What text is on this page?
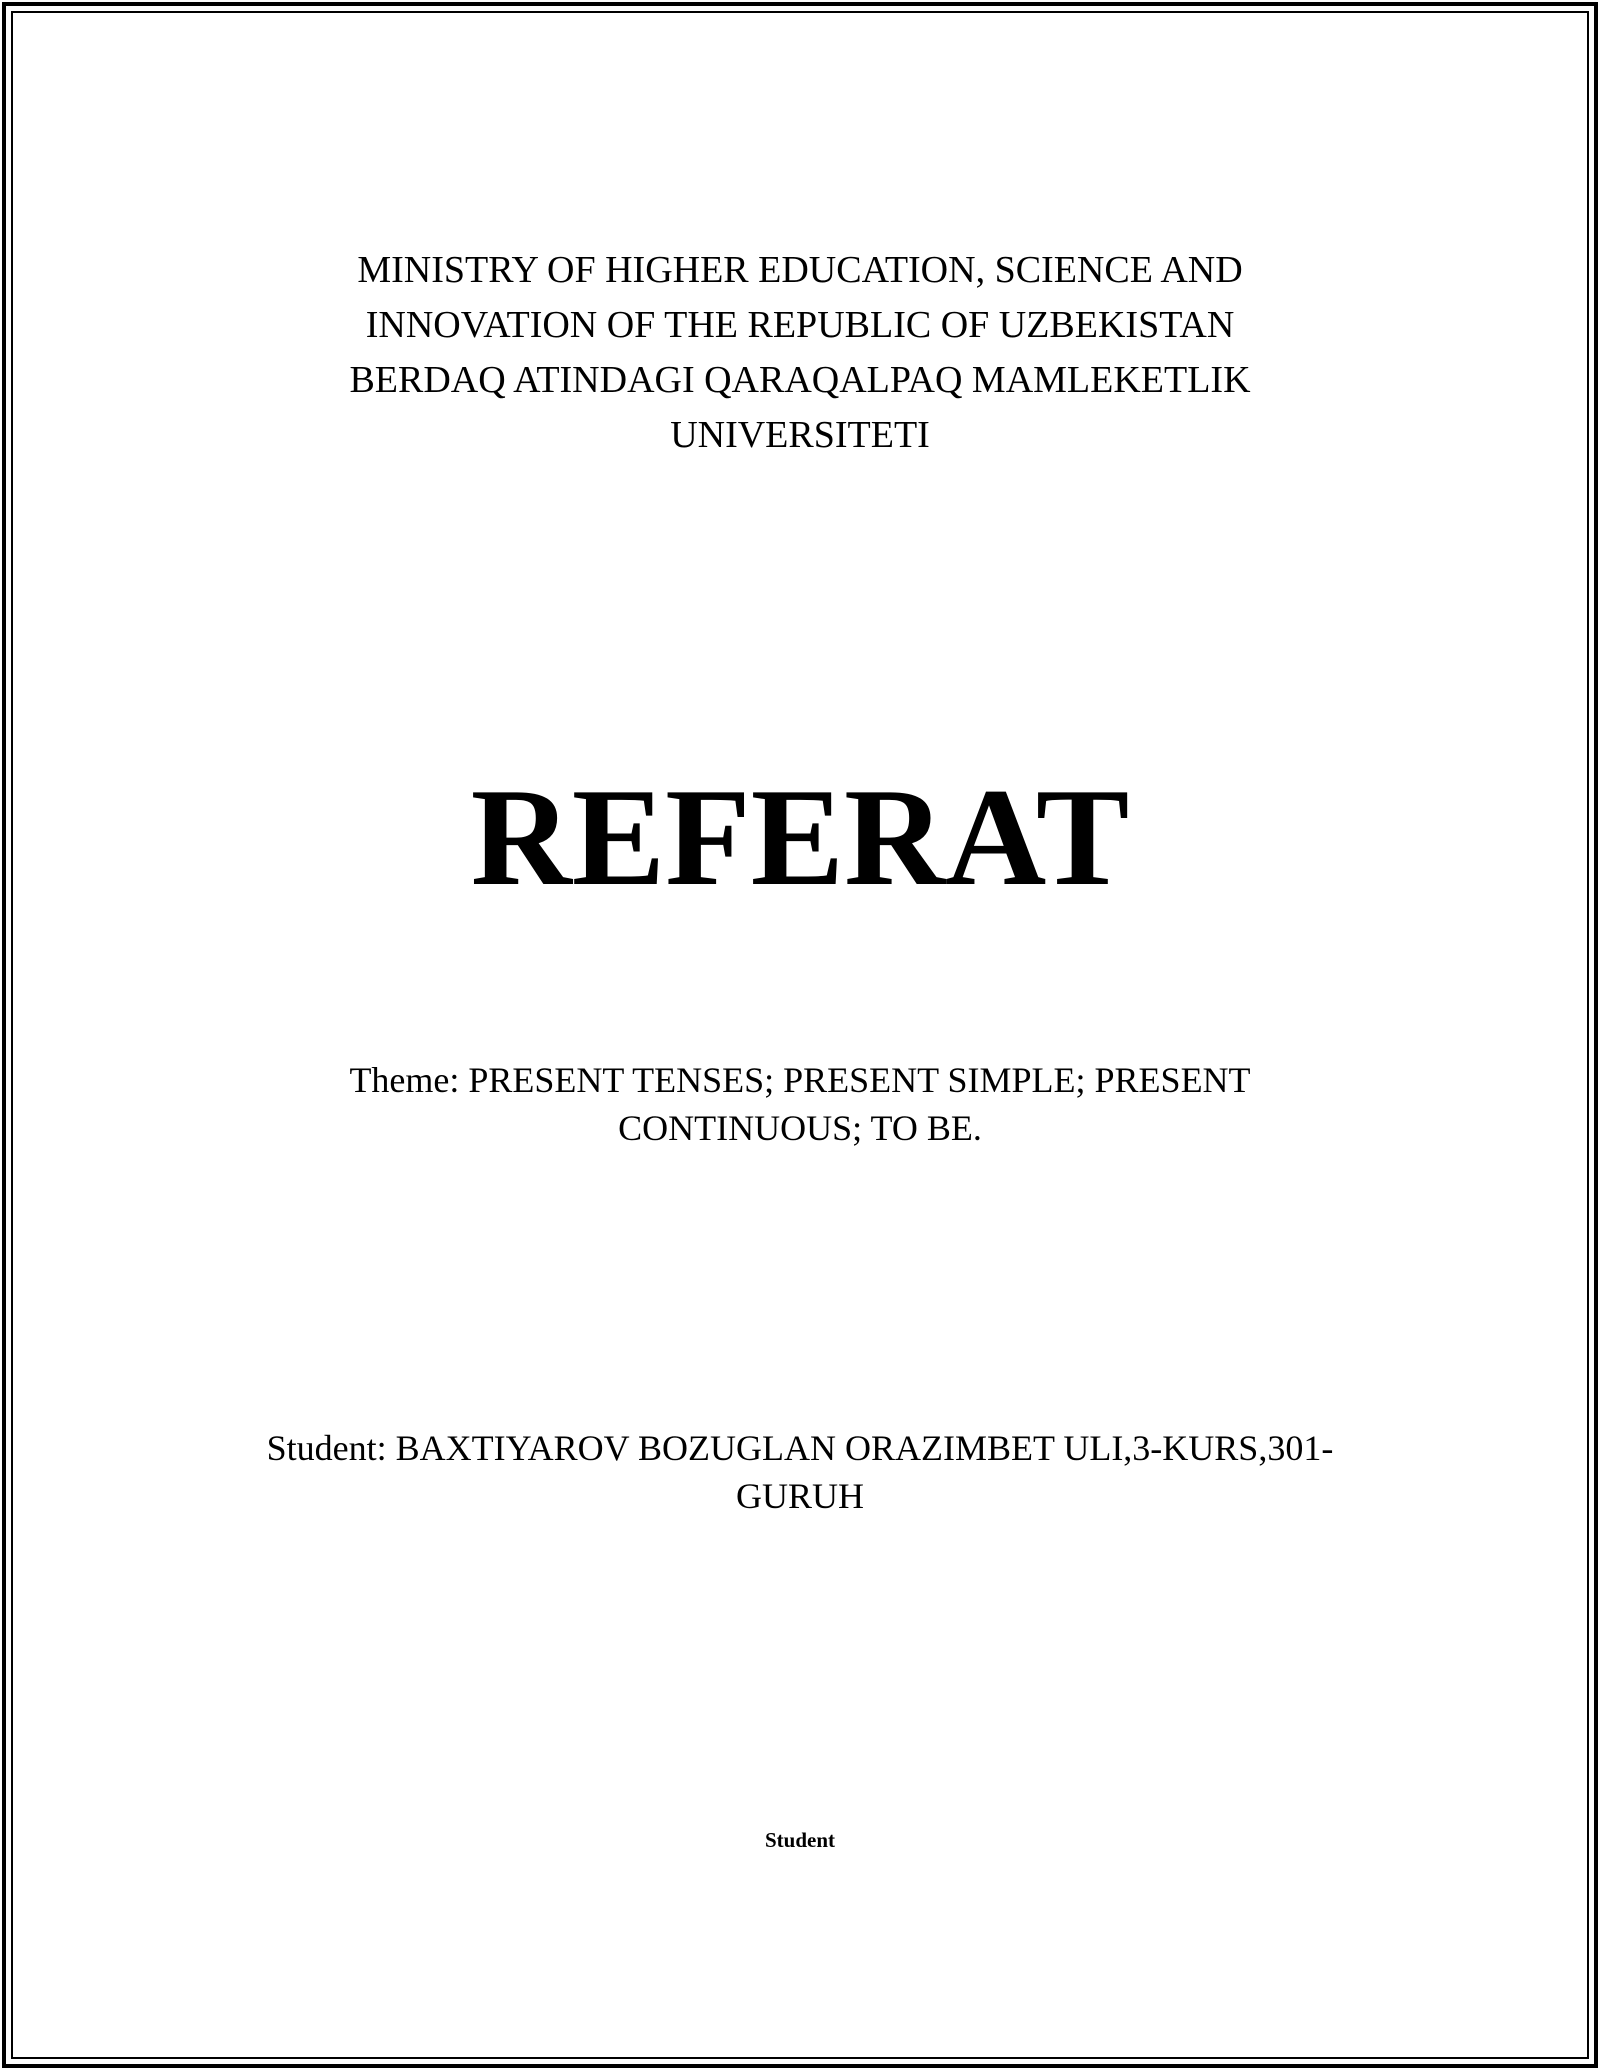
MINISTRY OF HIGHER EDUCATION, SCIENCE AND
INNOVATION OF THE REPUBLIC OF UZBEKISTAN
BERDAQ ATINDAGI QARAQALPAQ MAMLEKETLIK
UNIVERSITETI
REFERAT
Theme: PRESENT TENSES; PRESENT SIMPLE; PRESENT
CONTINUOUS; TO BE.
Student: BAXTIYAROV BOZUGLAN ORAZIMBET ULI,3-KURS,301-
GURUH
Student
